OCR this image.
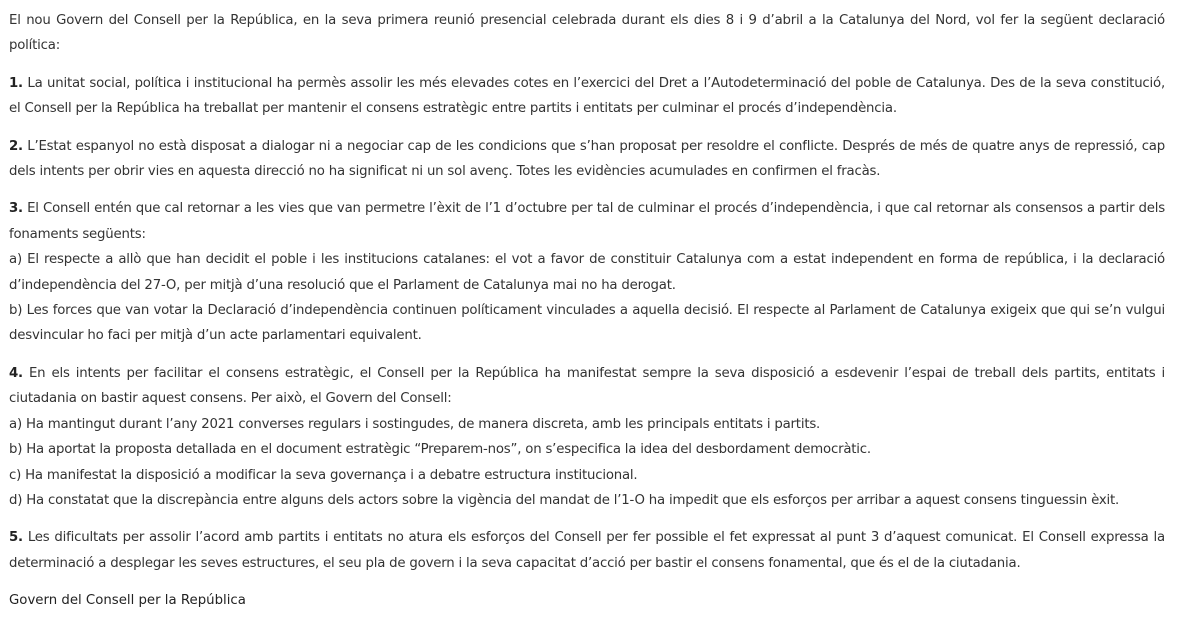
El nou Govern del Consell per la República, en la seva primera reunió presencial celebrada durant els dies 8 i 9 d’abril a la Catalunya del Nord, vol fer la següent declaració política:

1. La unitat social, política i institucional ha permès assolir les més elevades cotes en l’exercici del Dret a l’Autodeterminació del poble de Catalunya. Des de la seva constitució, el Consell per la República ha treballat per mantenir el consens estratègic entre partits i entitats per culminar el procés d’independència.

2. L’Estat espanyol no està disposat a dialogar ni a negociar cap de les condicions que s’han proposat per resoldre el conflicte. Després de més de quatre anys de repressió, cap dels intents per obrir vies en aquesta direcció no ha significat ni un sol avenç. Totes les evidències acumulades en confirmen el fracàs.

3. El Consell entén que cal retornar a les vies que van permetre l’èxit de l’1 d’octubre per tal de culminar el procés d’independència, i que cal retornar als consensos a partir dels fonaments següents:

a) El respecte a allò que han decidit el poble i les institucions catalanes: el vot a favor de constituir Catalunya com a estat independent en forma de república, i la declaració d’independència del 27-O, per mitjà d’una resolució que el Parlament de Catalunya mai no ha derogat.

b) Les forces que van votar la Declaració d’independència continuen políticament vinculades a aquella decisió. El respecte al Parlament de Catalunya exigeix que qui se’n vulgui desvincular ho faci per mitjà d’un acte parlamentari equivalent.

4. En els intents per facilitar el consens estratègic, el Consell per la República ha manifestat sempre la seva disposició a esdevenir l’espai de treball dels partits, entitats i ciutadania on bastir aquest consens. Per això, el Govern del Consell:

a) Ha mantingut durant l’any 2021 converses regulars i sostingudes, de manera discreta, amb les principals entitats i partits.

b) Ha aportat la proposta detallada en el document estratègic “Preparem-nos”, on s’especifica la idea del desbordament democràtic.

c) Ha manifestat la disposició a modificar la seva governança i a debatre estructura institucional.

d) Ha constatat que la discrepància entre alguns dels actors sobre la vigència del mandat de l’1-O ha impedit que els esforços per arribar a aquest consens tinguessin èxit.

5. Les dificultats per assolir l’acord amb partits i entitats no atura els esforços del Consell per fer possible el fet expressat al punt 3 d’aquest comunicat. El Consell expressa la determinació a desplegar les seves estructures, el seu pla de govern i la seva capacitat d’acció per bastir el consens fonamental, que és el de la ciutadania.

Govern del Consell per la República
